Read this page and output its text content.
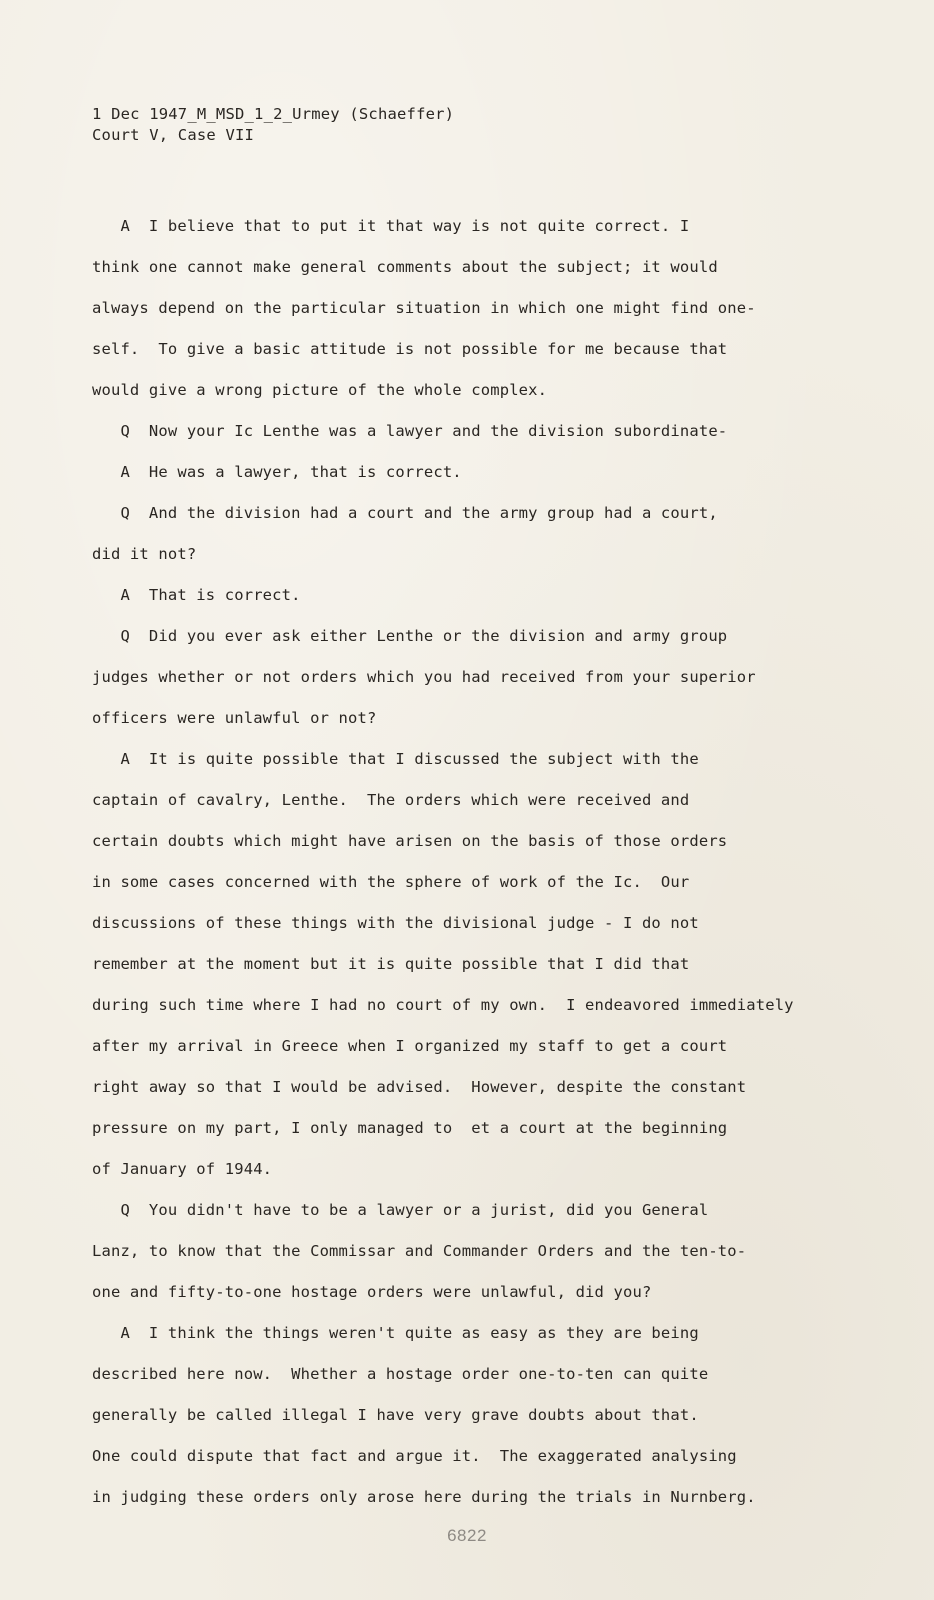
1 Dec 1947_M_MSD_1_2_Urmey (Schaeffer)
Court V, Case VII
A  I believe that to put it that way is not quite correct. I
think one cannot make general comments about the subject; it would
always depend on the particular situation in which one might find one-
self.  To give a basic attitude is not possible for me because that
would give a wrong picture of the whole complex.
Q  Now your Ic Lenthe was a lawyer and the division subordinate-
A  He was a lawyer, that is correct.
Q  And the division had a court and the army group had a court,
did it not?
A  That is correct.
Q  Did you ever ask either Lenthe or the division and army group
judges whether or not orders which you had received from your superior
officers were unlawful or not?
A  It is quite possible that I discussed the subject with the
captain of cavalry, Lenthe.  The orders which were received and
certain doubts which might have arisen on the basis of those orders
in some cases concerned with the sphere of work of the Ic.  Our
discussions of these things with the divisional judge - I do not
remember at the moment but it is quite possible that I did that
during such time where I had no court of my own.  I endeavored immediately
after my arrival in Greece when I organized my staff to get a court
right away so that I would be advised.  However, despite the constant
pressure on my part, I only managed to  et a court at the beginning
of January of 1944.
Q  You didn't have to be a lawyer or a jurist, did you General
Lanz, to know that the Commissar and Commander Orders and the ten-to-
one and fifty-to-one hostage orders were unlawful, did you?
A  I think the things weren't quite as easy as they are being
described here now.  Whether a hostage order one-to-ten can quite
generally be called illegal I have very grave doubts about that.
One could dispute that fact and argue it.  The exaggerated analysing
in judging these orders only arose here during the trials in Nurnberg.
6822
